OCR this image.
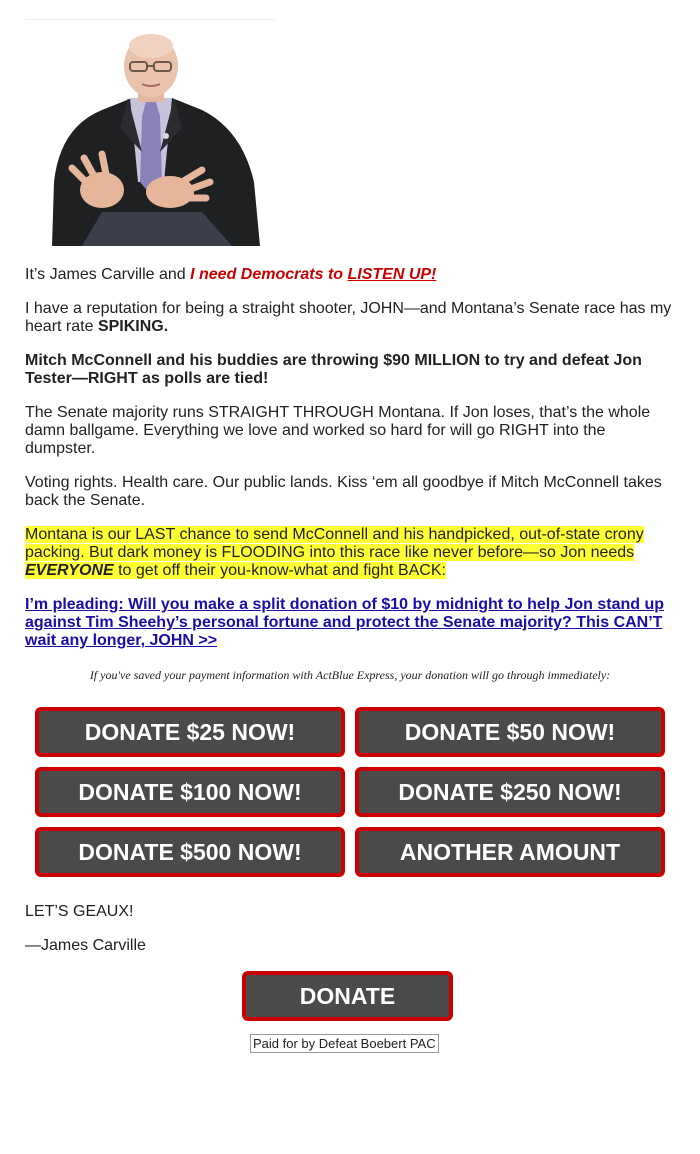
It’s James Carville and I need Democrats to LISTEN UP!

I have a reputation for being a straight shooter, JOHN—and Montana’s Senate race has my heart rate SPIKING.

Mitch McConnell and his buddies are throwing $90 MILLION to try and defeat Jon Tester—RIGHT as polls are tied!

The Senate majority runs STRAIGHT THROUGH Montana. If Jon loses, that’s the whole damn ballgame. Everything we love and worked so hard for will go RIGHT into the dumpster.

Voting rights. Health care. Our public lands. Kiss ‘em all goodbye if Mitch McConnell takes back the Senate.

Montana is our LAST chance to send McConnell and his handpicked, out-of-state crony packing. But dark money is FLOODING into this race like never before—so Jon needs EVERYONE to get off their you-know-what and fight BACK:

I’m pleading: Will you make a split donation of $10 by midnight to help Jon stand up against Tim Sheehy’s personal fortune and protect the Senate majority? This CAN’T wait any longer, JOHN >>

If you've saved your payment information with ActBlue Express, your donation will go through immediately:
DONATE $25 NOW!	DONATE $50 NOW!
DONATE $100 NOW!	DONATE $250 NOW!
DONATE $500 NOW!	ANOTHER AMOUNT
LET’S GEAUX!
—James Carville
DONATE
Paid for by Defeat Boebert PAC
